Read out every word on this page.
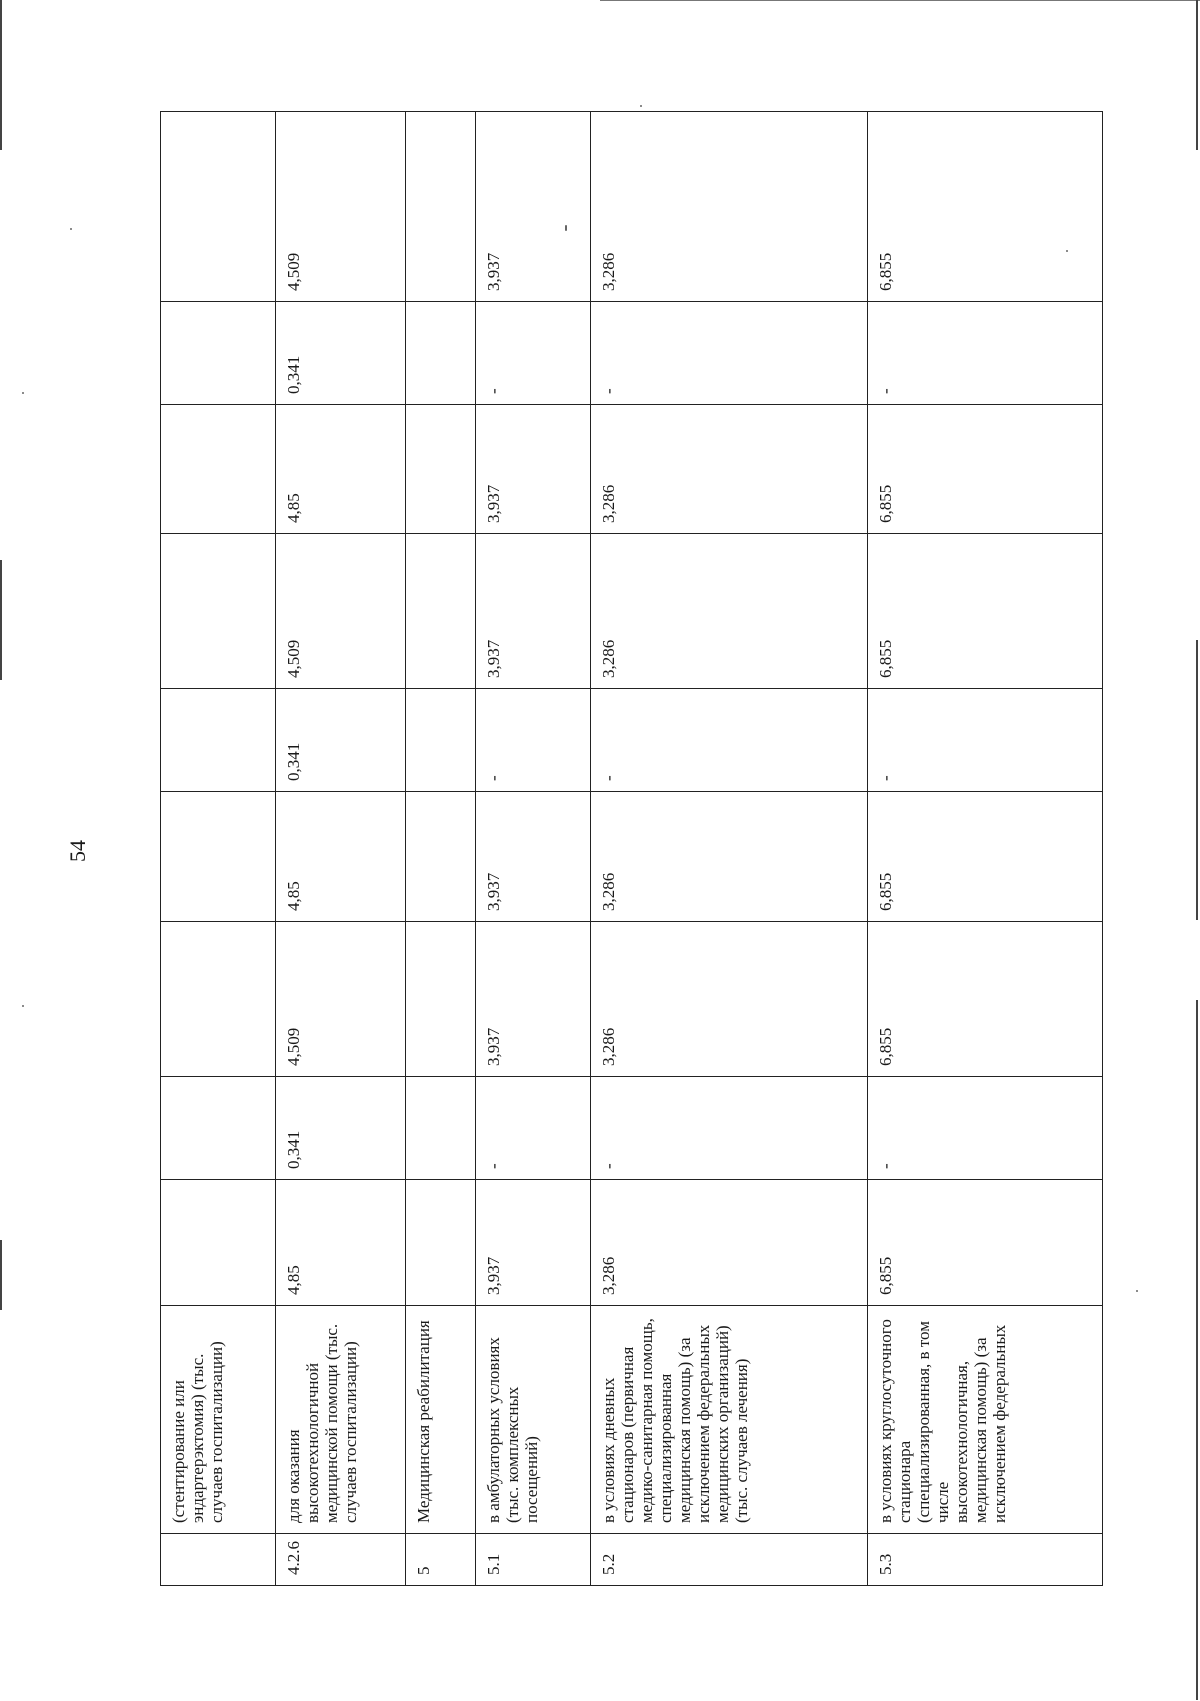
54
	(стентирование или эндартерэктомия) (тыс. случаев госпитализации)									
4.2.6	для оказания высокотехнологичной медицинской помощи (тыс. случаев госпитализации)	4,85	0,341	4,509	4,85	0,341	4,509	4,85	0,341	4,509
5	Медицинская реабилитация									
5.1	в амбулаторных условиях (тыс. комплексных посещений)	3,937	-	3,937	3,937	-	3,937	3,937	-	3,937
5.2	в условиях дневных стационаров (первичная медико-санитарная помощь, специализированная медицинская помощь) (за исключением федеральных медицинских организаций) (тыс. случаев лечения)	3,286	-	3,286	3,286	-	3,286	3,286	-	3,286
5.3	в условиях круглосуточного стационара (специализированная, в том числе высокотехнологичная, медицинская помощь) (за исключением федеральных	6,855	-	6,855	6,855	-	6,855	6,855	-	6,855
